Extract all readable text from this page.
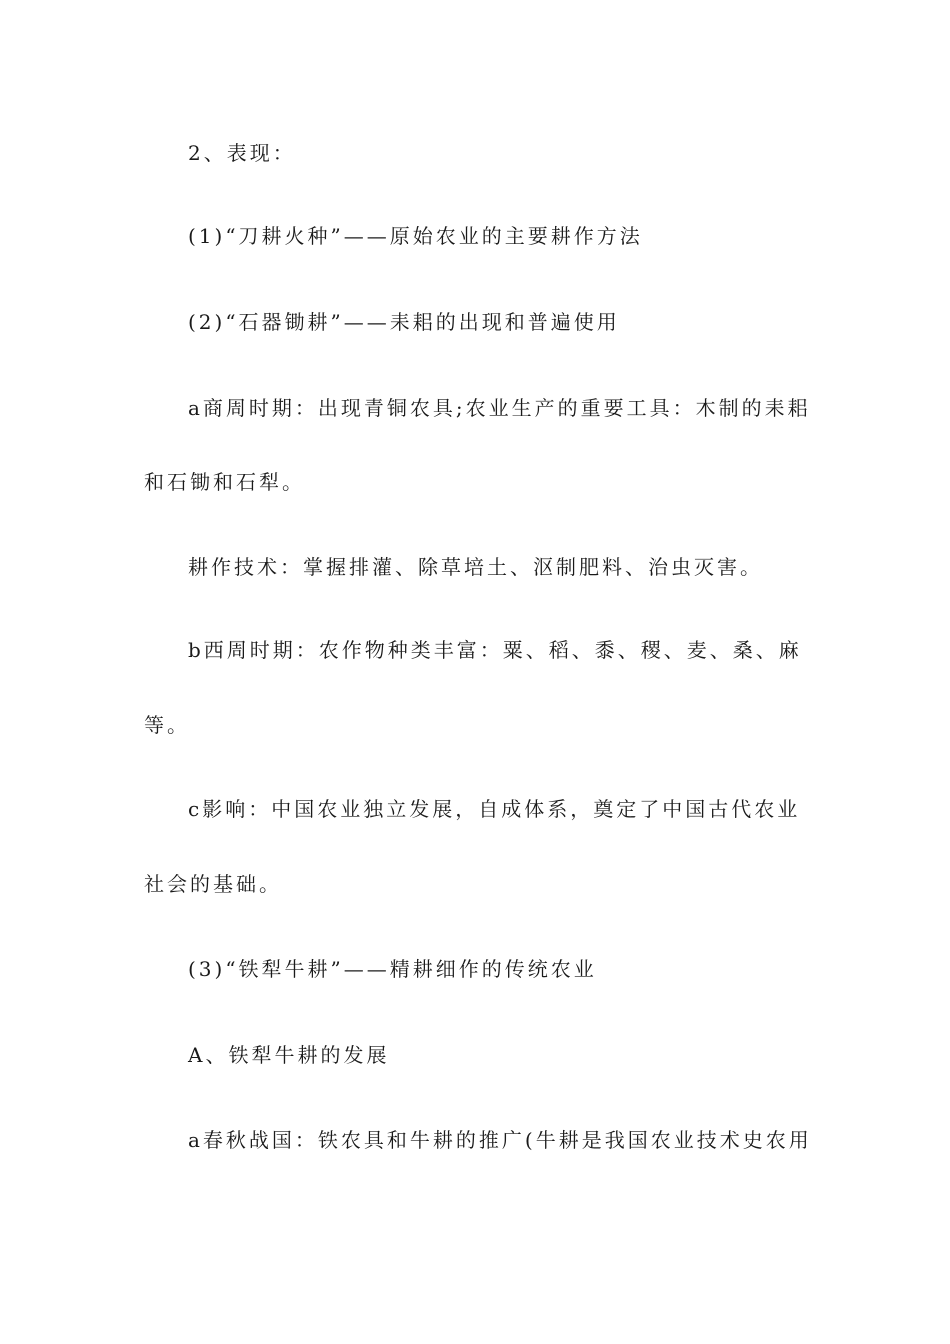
2、表现：
(1)“刀耕火种”——原始农业的主要耕作方法
(2)“石器锄耕”——耒耜的出现和普遍使用
a商周时期：出现青铜农具;农业生产的重要工具：木制的耒耜
和石锄和石犁。
耕作技术：掌握排灌、除草培土、沤制肥料、治虫灭害。
b西周时期：农作物种类丰富：粟、稻、黍、稷、麦、桑、麻
等。
c影响：中国农业独立发展，自成体系，奠定了中国古代农业
社会的基础。
(3)“铁犁牛耕”——精耕细作的传统农业
A、铁犁牛耕的发展
a春秋战国：铁农具和牛耕的推广(牛耕是我国农业技术史农用
